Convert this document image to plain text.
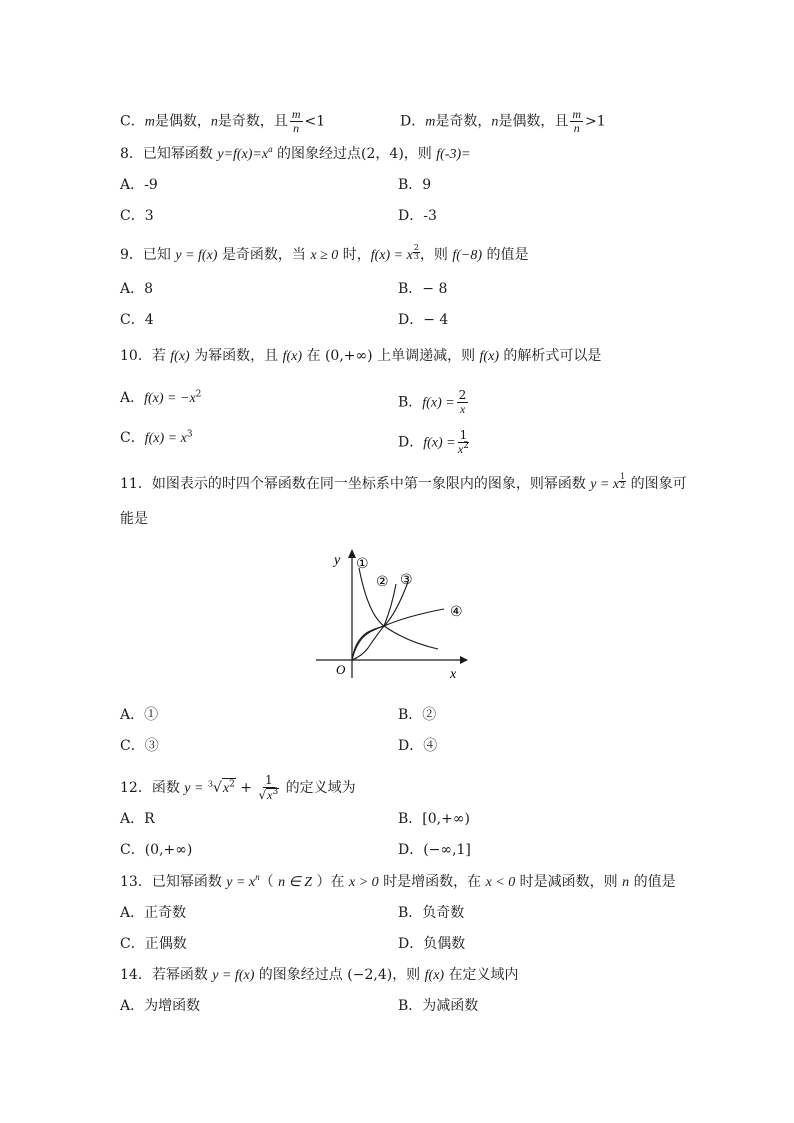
C．m是偶数，n是奇数，且 $\frac{m}{n} <1$	D．m是奇数，n是偶数，且 $\frac{m}{n} >1$
8．已知幂函数 $y=f(x)=x^a$ 的图象经过点(2，4)，则 f(-3)=
A．-9	B．9
C．3	D．-3
9．已知 y = f(x) 是奇函数，当 x ≥ 0 时，f(x) = x $\frac{2}{3}$ ，则 f(−8) 的值是
A．8	B．− 8
C．4	D．− 4
10．若 f(x) 为幂函数，且 f(x) 在 (0,+∞) 上单调递减，则 f(x) 的解析式可以是
A．$f(x) = -x^2$
B．$f(x) = \frac{2}{x}$
C．$f(x) = x^3$
D．$f(x) = \frac{1}{x^2}$
11．如图表示的时四个幂函数在同一坐标系中第一象限内的图象，则幂函数 y = x $\frac{1}{2}$ 的图象可
能是
y
x
O
①
② ③
④
A．①	B．②
C．③	D．④
12．函数 $y = ^3√x^2 + \frac{1}{√x^3}$ 的定义域为
A．R	B．[0,+∞)
C．(0,+∞)	D．(−∞,1]
13．已知幂函数 $y = x^n$（ n ∈ Z ）在 x > 0 时是增函数，在 x < 0 时是减函数，则 n 的值是
A．正奇数	B．负奇数
C．正偶数	D．负偶数
14．若幂函数 y = f(x) 的图象经过点 (−2,4)，则 f(x) 在定义域内
A．为增函数	B．为减函数
